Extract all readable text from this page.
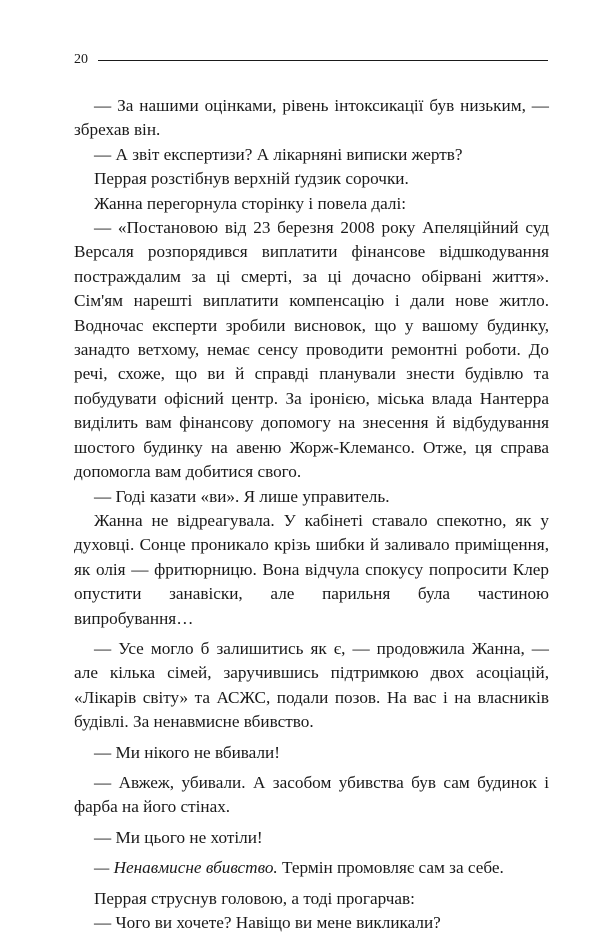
20

— За нашими оцінками, рівень інтоксикації був низьким, — збрехав він.

— А звіт експертизи? А лікарняні виписки жертв?

Перрая розстібнув верхній ґудзик сорочки.

Жанна перегорнула сторінку і повела далі:

— «Постановою від 23 березня 2008 року Апеляційний суд Версаля розпорядився виплатити фінансове відшкодування постраждалим за ці смерті, за ці дочасно обірвані життя». Сім'ям нарешті виплатити компенсацію і дали нове житло. Водночас експерти зробили висновок, що у вашому будинку, занадто ветхому, немає сенсу проводити ремонтні роботи. До речі, схоже, що ви й справді планували знести будівлю та побудувати офісний центр. За іронією, міська влада Нантерра виділить вам фінансову допомогу на знесення й відбудування шостого будинку на авеню Жорж-Клемансо. Отже, ця справа допомогла вам добитися свого.

— Годі казати «ви». Я лише управитель.

Жанна не відреагувала. У кабінеті ставало спекотно, як у духовці. Сонце проникало крізь шибки й заливало приміщення, як олія — фритюрницю. Вона відчула спокусу попросити Клер опустити занавіски, але парильня була частиною випробування…

— Усе могло б залишитись як є, — продовжила Жанна, — але кілька сімей, заручившись підтримкою двох асоціацій, «Лікарів світу» та АСЖС, подали позов. На вас і на власників будівлі. За ненавмисне вбивство.

— Ми нікого не вбивали!

— Авжеж, убивали. А засобом убивства був сам будинок і фарба на його стінах.

— Ми цього не хотіли!

— Ненавмисне вбивство. Термін промовляє сам за себе.

Перрая струснув головою, а тоді прогарчав:

— Чого ви хочете? Навіщо ви мене викликали?
